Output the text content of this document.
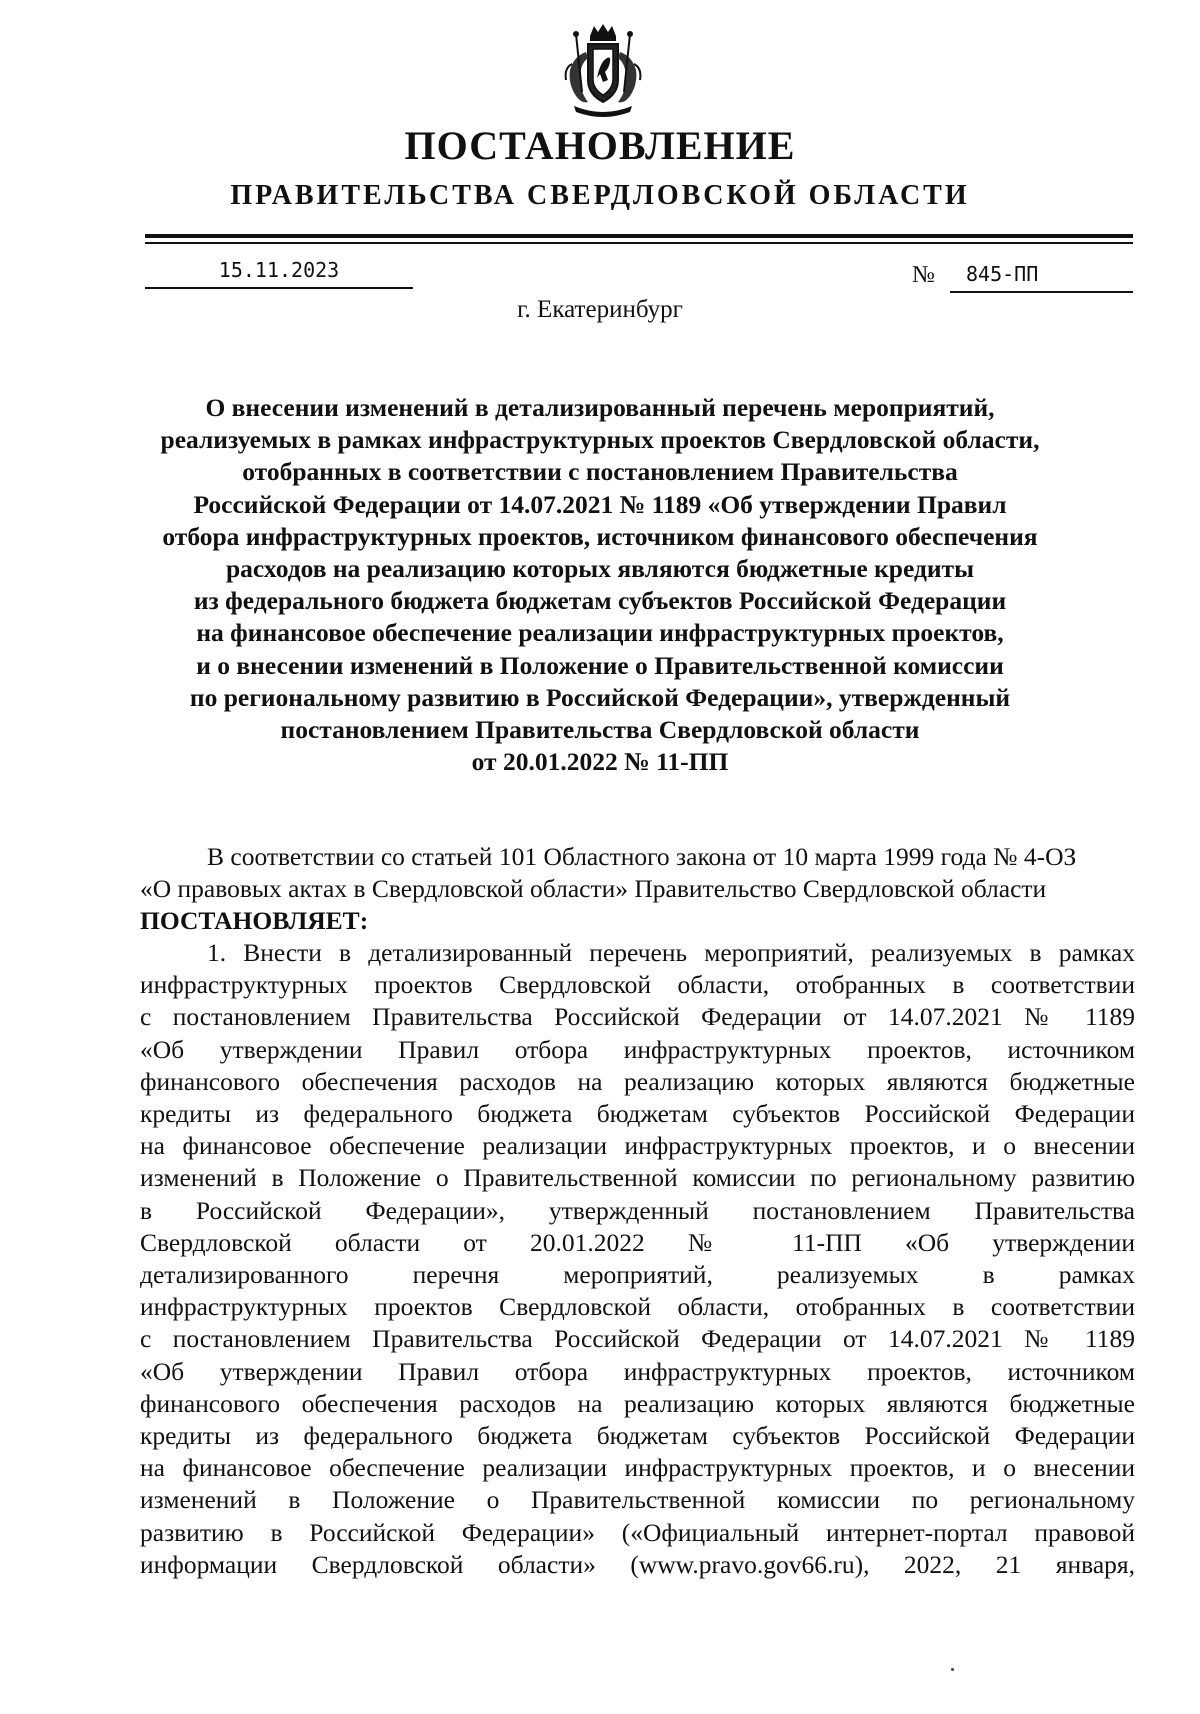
ПОСТАНОВЛЕНИЕ
ПРАВИТЕЛЬСТВА СВЕРДЛОВСКОЙ ОБЛАСТИ
15.11.2023	№	845-ПП
г. Екатеринбург
О внесении изменений в детализированный перечень мероприятий,
реализуемых в рамках инфраструктурных проектов Свердловской области,
отобранных в соответствии с постановлением Правительства
Российской Федерации от 14.07.2021 № 1189 «Об утверждении Правил
отбора инфраструктурных проектов, источником финансового обеспечения
расходов на реализацию которых являются бюджетные кредиты
из федерального бюджета бюджетам субъектов Российской Федерации
на финансовое обеспечение реализации инфраструктурных проектов,
и о внесении изменений в Положение о Правительственной комиссии
по региональному развитию в Российской Федерации», утвержденный
постановлением Правительства Свердловской области
от 20.01.2022 № 11-ПП
В соответствии со статьей 101 Областного закона от 10 марта 1999 года № 4-ОЗ
«О правовых актах в Свердловской области» Правительство Свердловской области
ПОСТАНОВЛЯЕТ:
1. Внести в детализированный перечень мероприятий, реализуемых в рамках
инфраструктурных проектов Свердловской области, отобранных в соответствии
с постановлением Правительства Российской Федерации от 14.07.2021 № 1189
«Об утверждении Правил отбора инфраструктурных проектов, источником
финансового обеспечения расходов на реализацию которых являются бюджетные
кредиты из федерального бюджета бюджетам субъектов Российской Федерации
на финансовое обеспечение реализации инфраструктурных проектов, и о внесении
изменений в Положение о Правительственной комиссии по региональному развитию
в Российской Федерации», утвержденный постановлением Правительства
Свердловской области от 20.01.2022 № 11-ПП «Об утверждении
детализированного перечня мероприятий, реализуемых в рамках
инфраструктурных проектов Свердловской области, отобранных в соответствии
с постановлением Правительства Российской Федерации от 14.07.2021 № 1189
«Об утверждении Правил отбора инфраструктурных проектов, источником
финансового обеспечения расходов на реализацию которых являются бюджетные
кредиты из федерального бюджета бюджетам субъектов Российской Федерации
на финансовое обеспечение реализации инфраструктурных проектов, и о внесении
изменений в Положение о Правительственной комиссии по региональному
развитию в Российской Федерации» («Официальный интернет-портал правовой
информации Свердловской области» (www.pravo.gov66.ru), 2022, 21 января,
